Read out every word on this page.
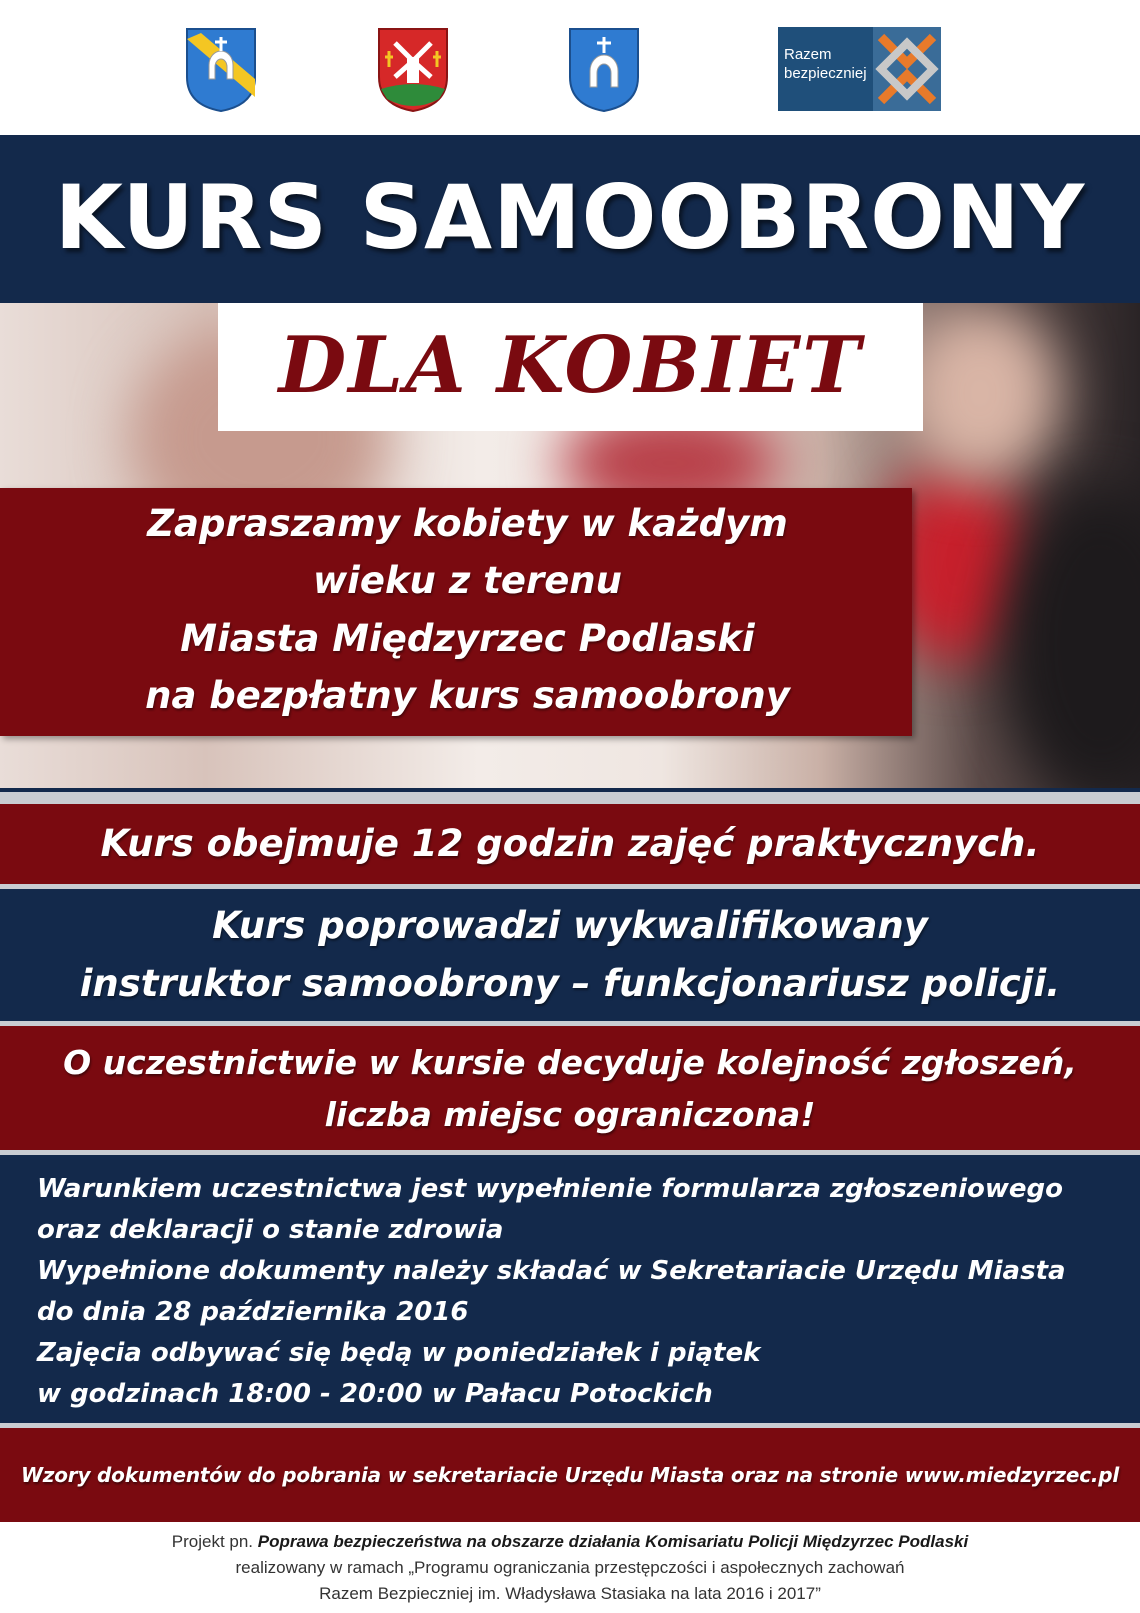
Razem
bezpieczniej
KURS SAMOOBRONY
DLA KOBIET
Zapraszamy kobiety w każdym
wieku z terenu
Miasta Międzyrzec Podlaski
na bezpłatny kurs samoobrony
Kurs obejmuje 12 godzin zajęć praktycznych.
Kurs poprowadzi wykwalifikowany
instruktor samoobrony – funkcjonariusz policji.
O uczestnictwie w kursie decyduje kolejność zgłoszeń,
liczba miejsc ograniczona!
Warunkiem uczestnictwa jest wypełnienie formularza zgłoszeniowego
oraz deklaracji o stanie zdrowia
Wypełnione dokumenty należy składać w Sekretariacie Urzędu Miasta
do dnia 28 października 2016
Zajęcia odbywać się będą w poniedziałek i piątek
w godzinach 18:00 - 20:00 w Pałacu Potockich
Wzory dokumentów do pobrania w sekretariacie Urzędu Miasta oraz na stronie www.miedzyrzec.pl
Projekt pn. Poprawa bezpieczeństwa na obszarze działania Komisariatu Policji Międzyrzec Podlaski
realizowany w ramach „Programu ograniczania przestępczości i aspołecznych zachowań
Razem Bezpieczniej im. Władysława Stasiaka na lata 2016 i 2017”
